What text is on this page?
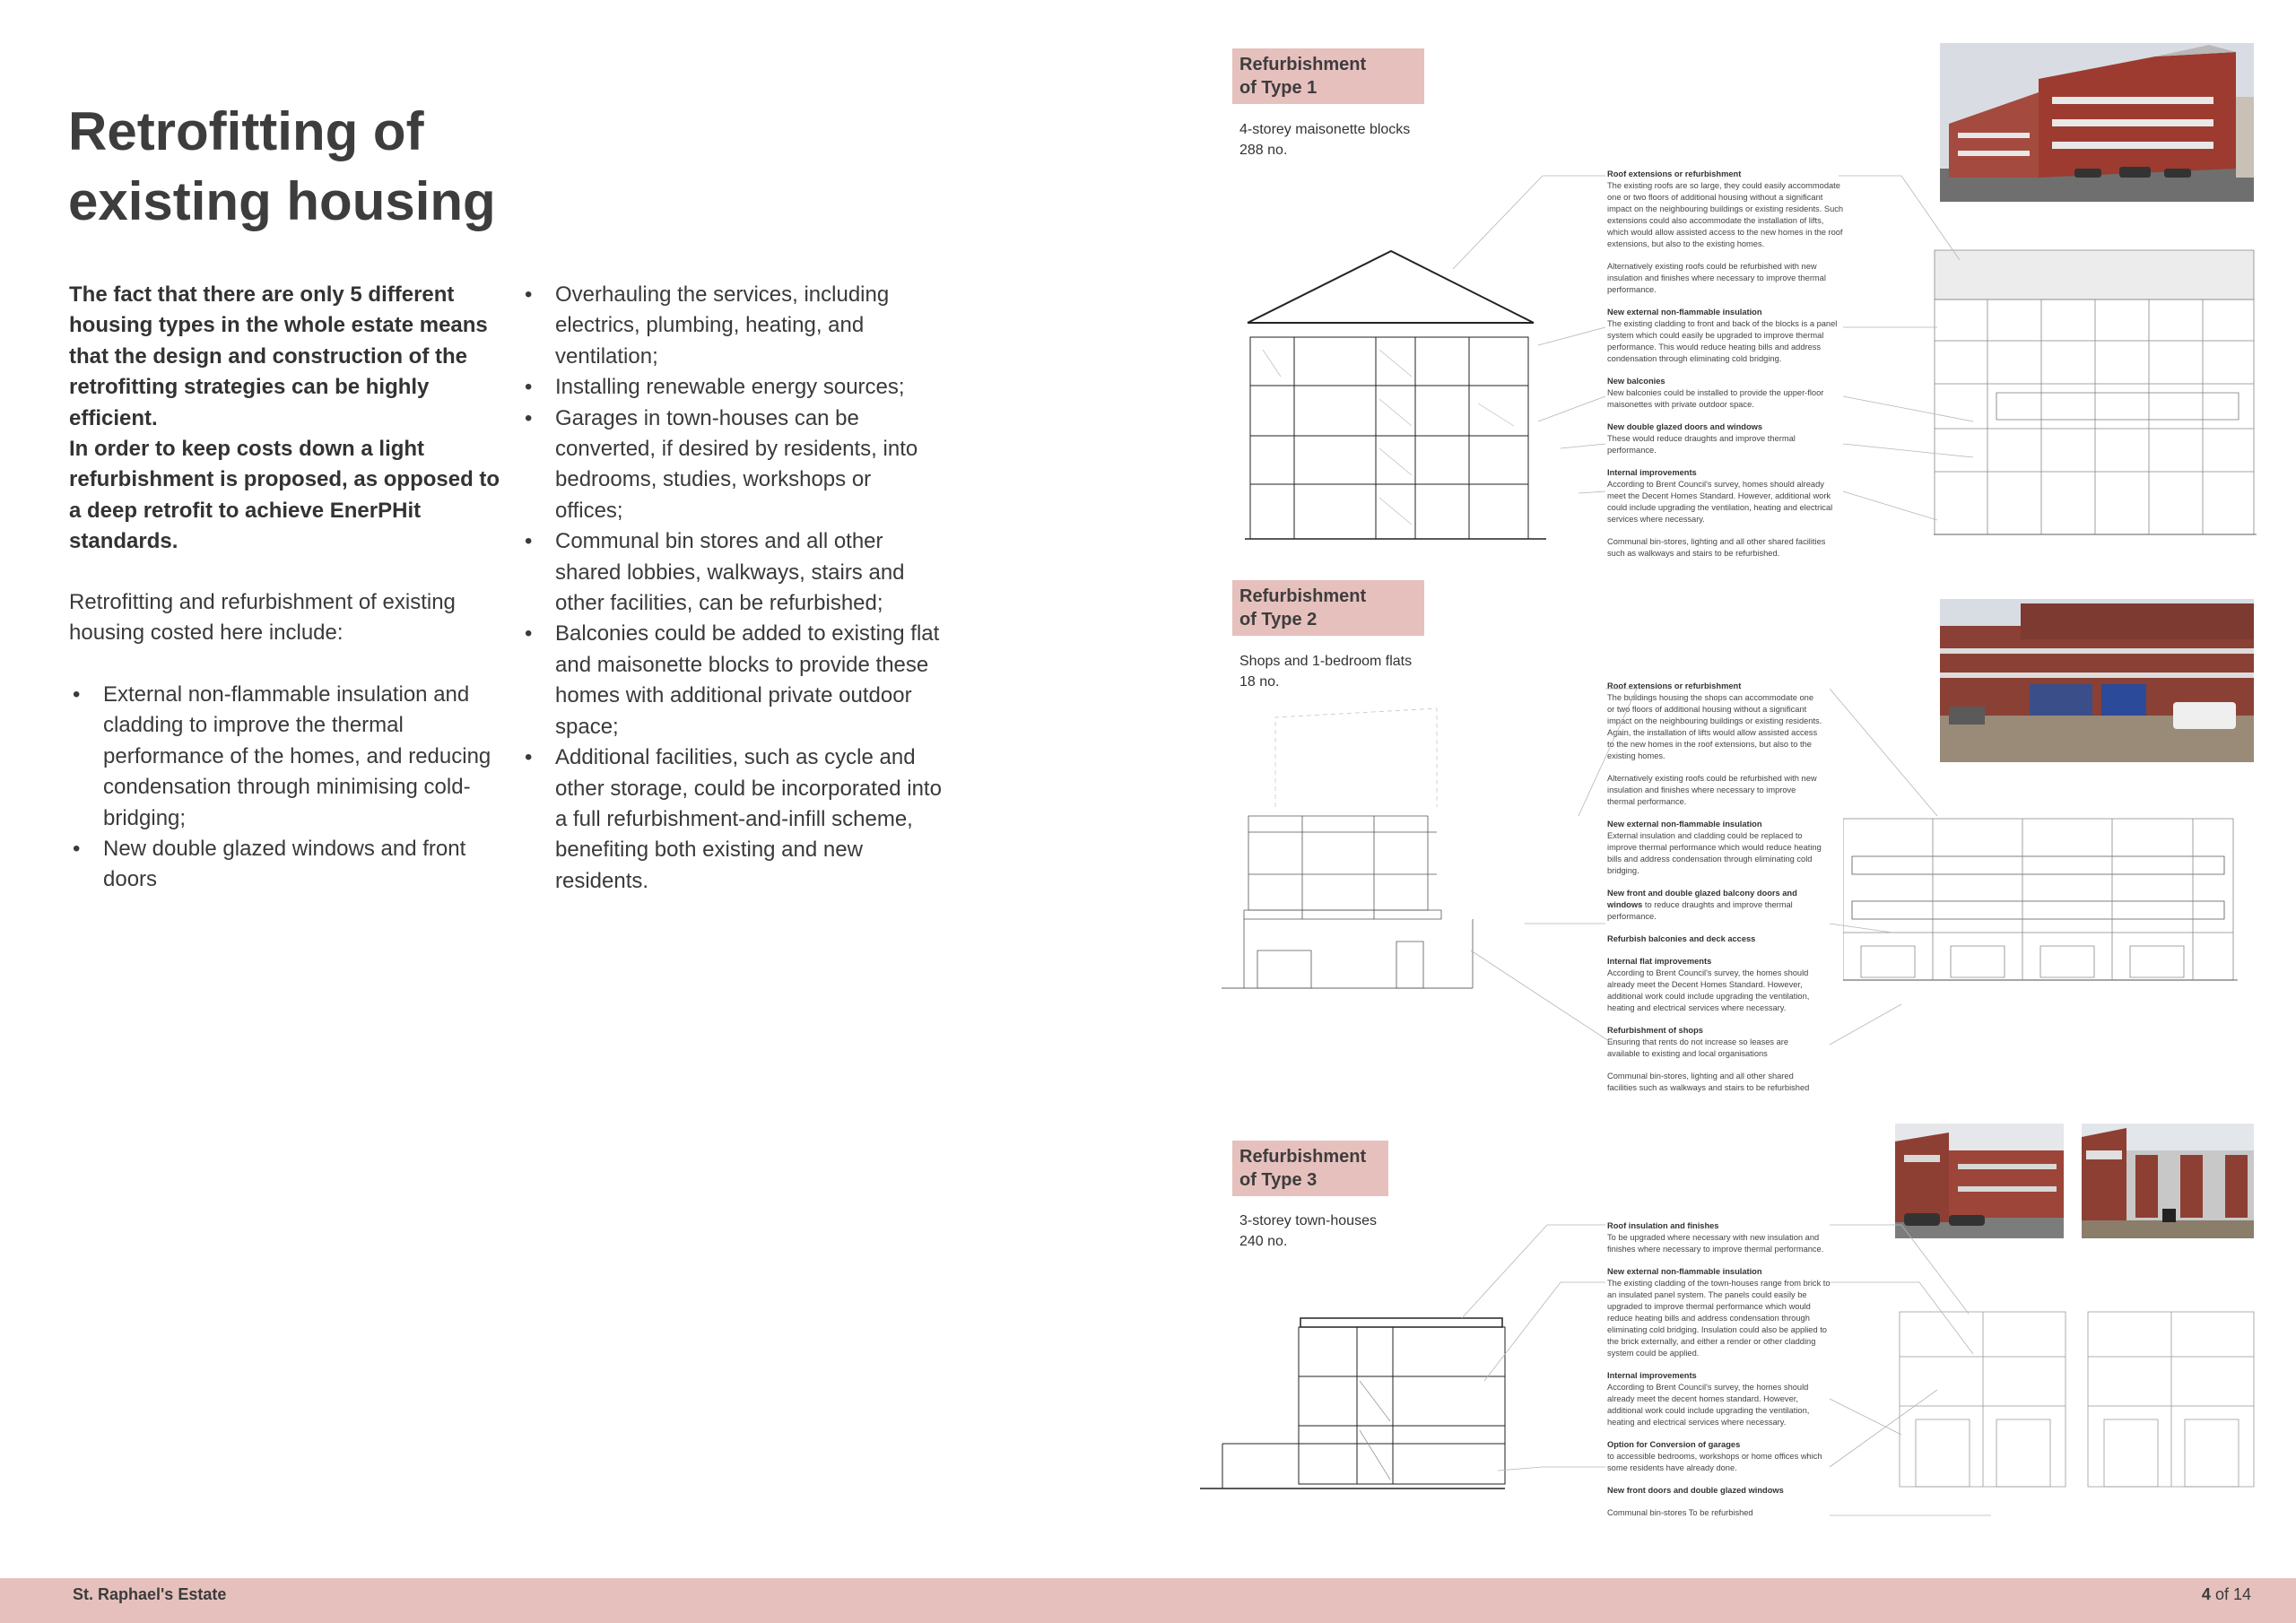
Retrofitting of
existing housing

The fact that there are only 5 different housing types in the whole estate means that the design and construction of the retrofitting strategies can be highly efficient.

In order to keep costs down a light refurbishment is proposed, as opposed to a deep retrofit to achieve EnerPHit standards.

Retrofitting and refurbishment of existing housing costed here include:
• External non-flammable insulation and cladding to improve the thermal performance of the homes, and reducing condensation through minimising cold-bridging;
• New double glazed windows and front doors
• Overhauling the services, including electrics, plumbing, heating, and ventilation;
• Installing renewable energy sources;
• Garages in town-houses can be converted, if desired by residents, into bedrooms, studies, workshops or offices;
• Communal bin stores and all other shared lobbies, walkways, stairs and other facilities, can be refurbished;
• Balconies could be added to existing flat and maisonette blocks to provide these homes with additional private outdoor space;
• Additional facilities, such as cycle and other storage, could be incorporated into a full refurbishment-and-infill scheme, benefiting both existing and new residents.
Refurbishment
of Type 1
4-storey maisonette blocks
288 no.

Roof extensions or refurbishment
The existing roofs are so large, they could easily accommodate one or two floors of additional housing without a significant impact on the neighbouring buildings or existing residents. Such extensions could also accommodate the installation of lifts, which would allow assisted access to the new homes in the roof extensions, but also to the existing homes.

Alternatively existing roofs could be refurbished with new insulation and finishes where necessary to improve thermal performance.

New external non-flammable insulation
The existing cladding to front and back of the blocks is a panel system which could easily be upgraded to improve thermal performance. This would reduce heating bills and address condensation through eliminating cold bridging.

New balconies
New balconies could be installed to provide the upper-floor maisonettes with private outdoor space.

New double glazed doors and windows
These would reduce draughts and improve thermal performance.

Internal improvements
According to Brent Council's survey, homes should already meet the Decent Homes Standard. However, additional work could include upgrading the ventilation, heating and electrical services where necessary.

Communal bin-stores, lighting and all other shared facilities such as walkways and stairs to be refurbished.

Refurbishment
of Type 2
Shops and 1-bedroom flats
18 no.	Roof extensions or refurbishment
The buildings housing the shops can accommodate one or two floors of additional housing without a significant impact on the neighbouring buildings or existing residents. Again, the installation of lifts would allow assisted access to the new homes in the roof extensions, but also to the existing homes.

Alternatively existing roofs could be refurbished with new insulation and finishes where necessary to improve thermal performance.

New external non-flammable insulation
External insulation and cladding could be replaced to improve thermal performance which would reduce heating bills and address condensation through eliminating cold bridging.

New front and double glazed balcony doors and windows to reduce draughts and improve thermal performance.

Refurbish balconies and deck access

Internal flat improvements
According to Brent Council's survey, the homes should already meet the Decent Homes Standard. However, additional work could include upgrading the ventilation, heating and electrical services where necessary.

Refurbishment of shops
Ensuring that rents do not increase so leases are available to existing and local organisations

Communal bin-stores, lighting and all other shared facilities such as walkways and stairs to be refurbished

Refurbishment
of Type 3
3-storey town-houses
240 no.

Roof insulation and finishes
To be upgraded where necessary with new insulation and finishes where necessary to improve thermal performance.

New external non-flammable insulation
The existing cladding of the town-houses range from brick to an insulated panel system. The panels could easily be upgraded to improve thermal performance which would reduce heating bills and address condensation through eliminating cold bridging. Insulation could also be applied to the brick externally, and either a render or other cladding system could be applied.

Internal improvements
According to Brent Council's survey, the homes should already meet the decent homes standard. However, additional work could include upgrading the ventilation, heating and electrical services where necessary.

Option for Conversion of garages
to accessible bedrooms, workshops or home offices which some residents have already done.

New front doors and double glazed windows

Communal bin-stores To be refurbished

St. Raphael's Estate	4 of 14
